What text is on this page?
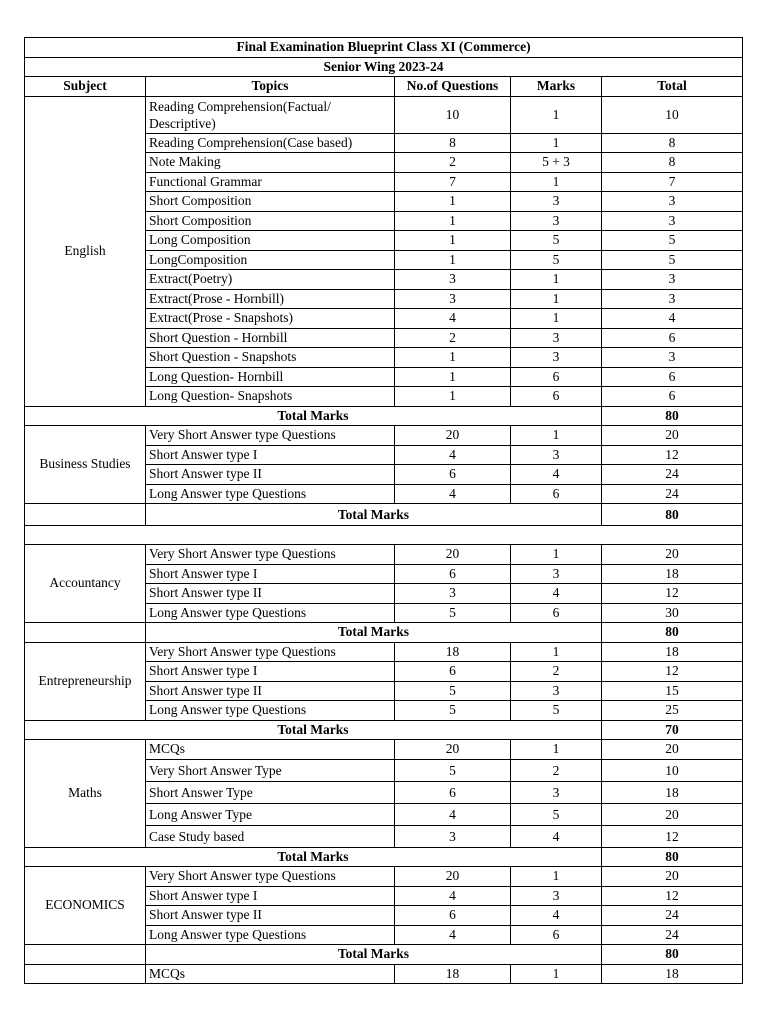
Final Examination Blueprint Class XI (Commerce)				
Senior Wing 2023-24				
Subject	Topics	No.of Questions	Marks	Total
English	Reading Comprehension(Factual/ Descriptive)	10	1	10
	Reading Comprehension(Case based)	8	1	8
	Note Making	2	5 + 3	8
	Functional Grammar	7	1	7
	Short Composition	1	3	3
	Short Composition	1	3	3
	Long Composition	1	5	5
	LongComposition	1	5	5
	Extract(Poetry)	3	1	3
	Extract(Prose - Hornbill)	3	1	3
	Extract(Prose - Snapshots)	4	1	4
	Short Question - Hornbill	2	3	6
	Short Question - Snapshots	1	3	3
	Long Question- Hornbill	1	6	6
	Long Question- Snapshots	1	6	6
Total Marks				80
Business Studies	Very Short Answer type Questions	20	1	20
	Short Answer type I	4	3	12
	Short Answer type II	6	4	24
	Long Answer type Questions	4	6	24
	Total Marks			80

Accountancy	Very Short Answer type Questions	20	1	20
	Short Answer type I	6	3	18
	Short Answer type II	3	4	12
	Long Answer type Questions	5	6	30
	Total Marks			80
Entrepreneurship	Very Short Answer type Questions	18	1	18
	Short Answer type I	6	2	12
	Short Answer type II	5	3	15
	Long Answer type Questions	5	5	25
Total Marks				70
Maths	MCQs	20	1	20
	Very Short Answer Type	5	2	10
	Short Answer Type	6	3	18
	Long Answer Type	4	5	20
	Case Study based	3	4	12
Total Marks				80
ECONOMICS	Very Short Answer type Questions	20	1	20
	Short Answer type I	4	3	12
	Short Answer type II	6	4	24
	Long Answer type Questions	4	6	24
	Total Marks			80
	MCQs	18	1	18
